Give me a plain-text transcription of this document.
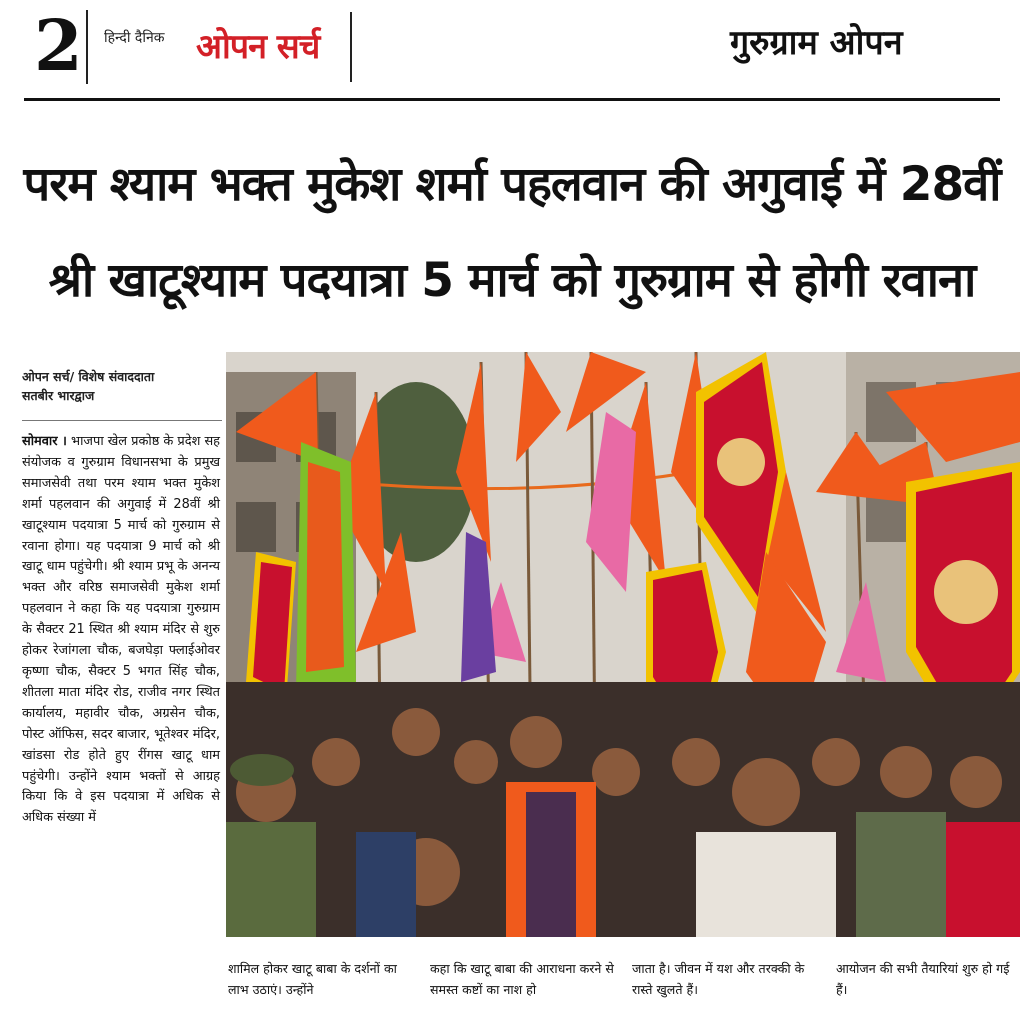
2 हिन्दी दैनिक ओपन सर्च	गुरुग्राम ओपन
परम श्याम भक्त मुकेश शर्मा पहलवान की अगुवाई में 28वीं
श्री खाटूश्याम पदयात्रा 5 मार्च को गुरुग्राम से होगी रवाना
ओपन सर्च/ विशेष संवाददाता
सतबीर भारद्वाज
सोमवार । भाजपा खेल प्रकोष्ठ के प्रदेश सह संयोजक व गुरुग्राम विधानसभा के प्रमुख समाजसेवी तथा परम श्याम भक्त मुकेश शर्मा पहलवान की अगुवाई में 28वीं श्री खाटूश्याम पदयात्रा 5 मार्च को गुरुग्राम से रवाना होगा। यह पदयात्रा 9 मार्च को श्री खाटू धाम पहुंचेगी। श्री श्याम प्रभू के अनन्य भक्त और वरिष्ठ समाजसेवी मुकेश शर्मा पहलवान ने कहा कि यह पदयात्रा गुरुग्राम के सैक्टर 21 स्थित श्री श्याम मंदिर से शुरु होकर रेजांगला चौक, बजघेड़ा फ्लाईओवर कृष्णा चौक, सैक्टर 5 भगत सिंह चौक, शीतला माता मंदिर रोड, राजीव नगर स्थित कार्यालय, महावीर चौक, अग्रसेन चौक, पोस्ट ऑफिस, सदर बाजार, भूतेश्वर मंदिर, खांडसा रोड होते हुए रींगस खाटू धाम पहुंचेगी। उन्होंने श्याम भक्तों से आग्रह किया कि वे इस पदयात्रा में अधिक से अधिक संख्या में
शामिल होकर खाटू बाबा के दर्शनों का लाभ उठाएं। उन्होंने
कहा कि खाटू बाबा की आराधना करने से समस्त कष्टों का नाश हो
जाता है। जीवन में यश और तरक्की के रास्ते खुलते हैं।
आयोजन की सभी तैयारियां शुरु हो गई हैं।
